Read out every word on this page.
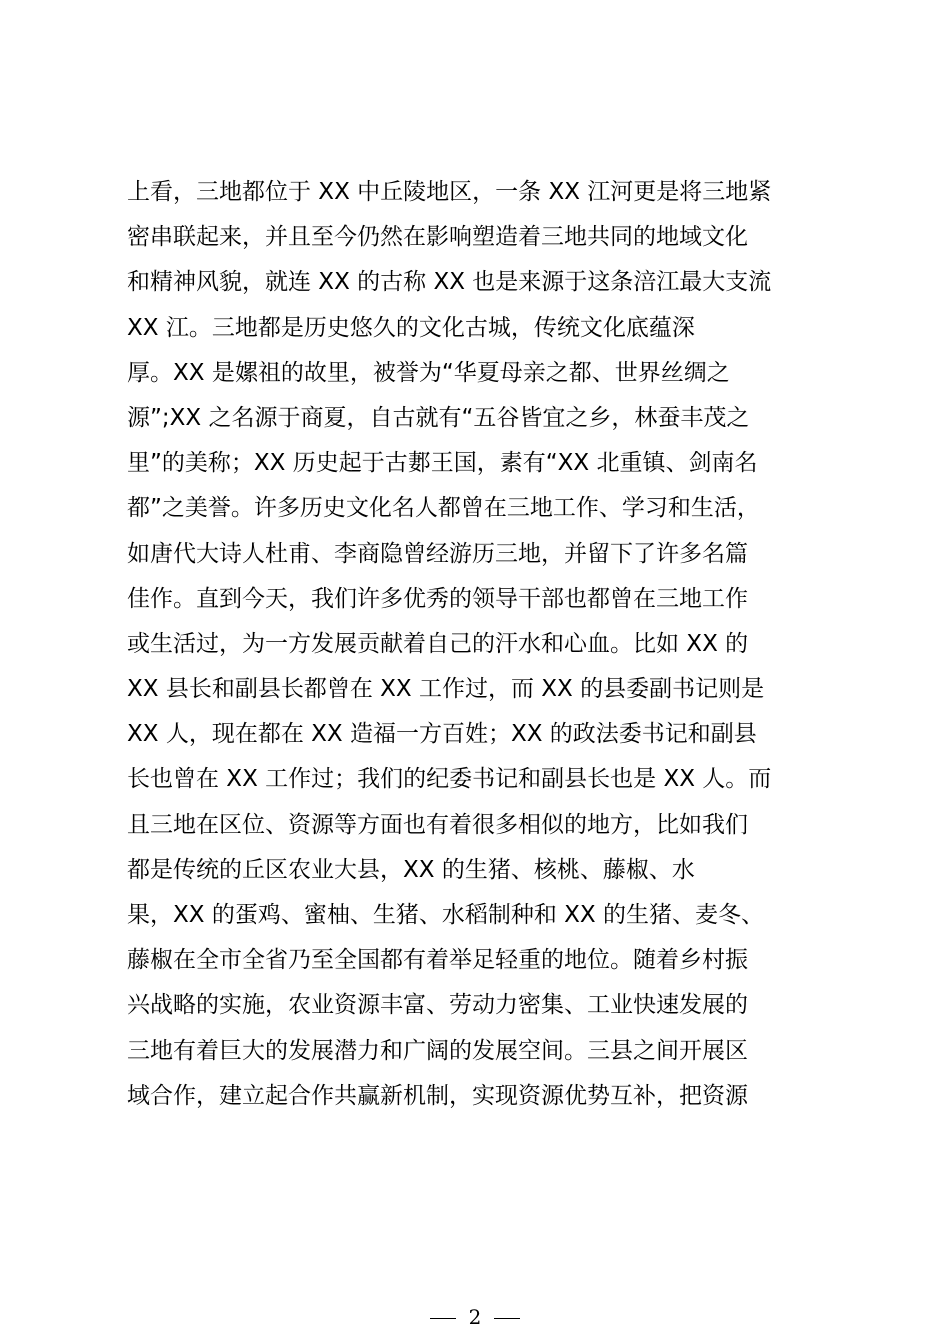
上看，三地都位于 XX 中丘陵地区，一条 XX 江河更是将三地紧
密串联起来，并且至今仍然在影响塑造着三地共同的地域文化
和精神风貌，就连 XX 的古称 XX 也是来源于这条涪江最大支流
XX 江。三地都是历史悠久的文化古城，传统文化底蕴深
厚。XX 是嫘祖的故里，被誉为“华夏母亲之都、世界丝绸之
源”;XX 之名源于商夏，自古就有“五谷皆宜之乡，林蚕丰茂之
里”的美称；XX 历史起于古郪王国，素有“XX 北重镇、剑南名
都”之美誉。许多历史文化名人都曾在三地工作、学习和生活，
如唐代大诗人杜甫、李商隐曾经游历三地，并留下了许多名篇
佳作。直到今天，我们许多优秀的领导干部也都曾在三地工作
或生活过，为一方发展贡献着自己的汗水和心血。比如 XX 的
XX 县长和副县长都曾在 XX 工作过，而 XX 的县委副书记则是
XX 人，现在都在 XX 造福一方百姓；XX 的政法委书记和副县
长也曾在 XX 工作过；我们的纪委书记和副县长也是 XX 人。而
且三地在区位、资源等方面也有着很多相似的地方，比如我们
都是传统的丘区农业大县，XX 的生猪、核桃、藤椒、水
果，XX 的蛋鸡、蜜柚、生猪、水稻制种和 XX 的生猪、麦冬、
藤椒在全市全省乃至全国都有着举足轻重的地位。随着乡村振
兴战略的实施，农业资源丰富、劳动力密集、工业快速发展的
三地有着巨大的发展潜力和广阔的发展空间。三县之间开展区
域合作，建立起合作共赢新机制，实现资源优势互补，把资源
2
